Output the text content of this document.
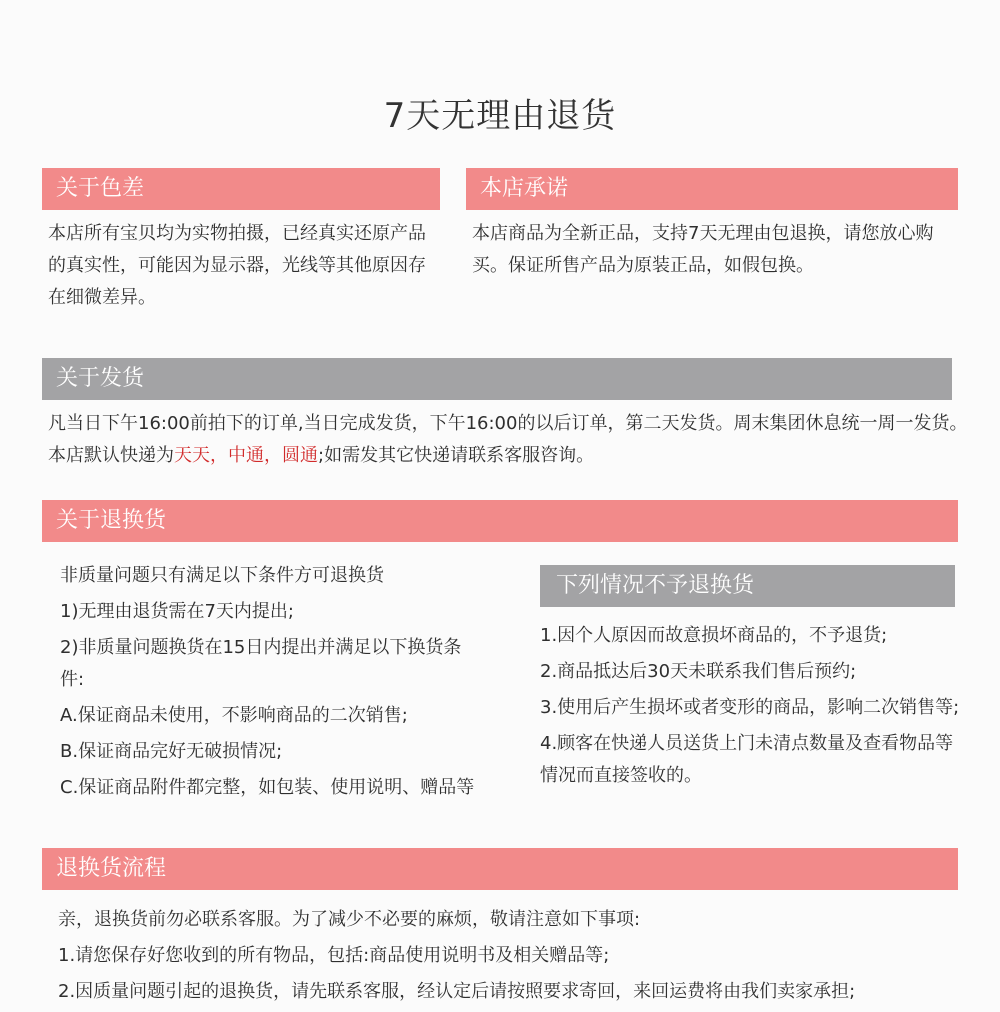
7天无理由退货
关于色差
本店所有宝贝均为实物拍摄，已经真实还原产品的真实性，可能因为显示器，光线等其他原因存在细微差异。
本店承诺
本店商品为全新正品，支持7天无理由包退换，请您放心购买。保证所售产品为原装正品，如假包换。
关于发货
凡当日下午16:00前拍下的订单,当日完成发货，下午16:00的以后订单，第二天发货。周末集团休息统一周一发货。本店默认快递为天天，中通，圆通;如需发其它快递请联系客服咨询。
关于退换货

非质量问题只有满足以下条件方可退换货

1)无理由退货需在7天内提出;

2)非质量问题换货在15日内提出并满足以下换货条件:

A.保证商品未使用，不影响商品的二次销售;

B.保证商品完好无破损情况;

C.保证商品附件都完整，如包装、使用说明、赠品等

下列情况不予退换货

1.因个人原因而故意损坏商品的，不予退货;

2.商品抵达后30天未联系我们售后预约;

3.使用后产生损坏或者变形的商品，影响二次销售等;

4.顾客在快递人员送货上门未清点数量及查看物品等情况而直接签收的。

退换货流程

亲，退换货前勿必联系客服。为了减少不必要的麻烦，敬请注意如下事项:

1.请您保存好您收到的所有物品，包括:商品使用说明书及相关赠品等;

2.因质量问题引起的退换货，请先联系客服，经认定后请按照要求寄回，来回运费将由我们卖家承担;
